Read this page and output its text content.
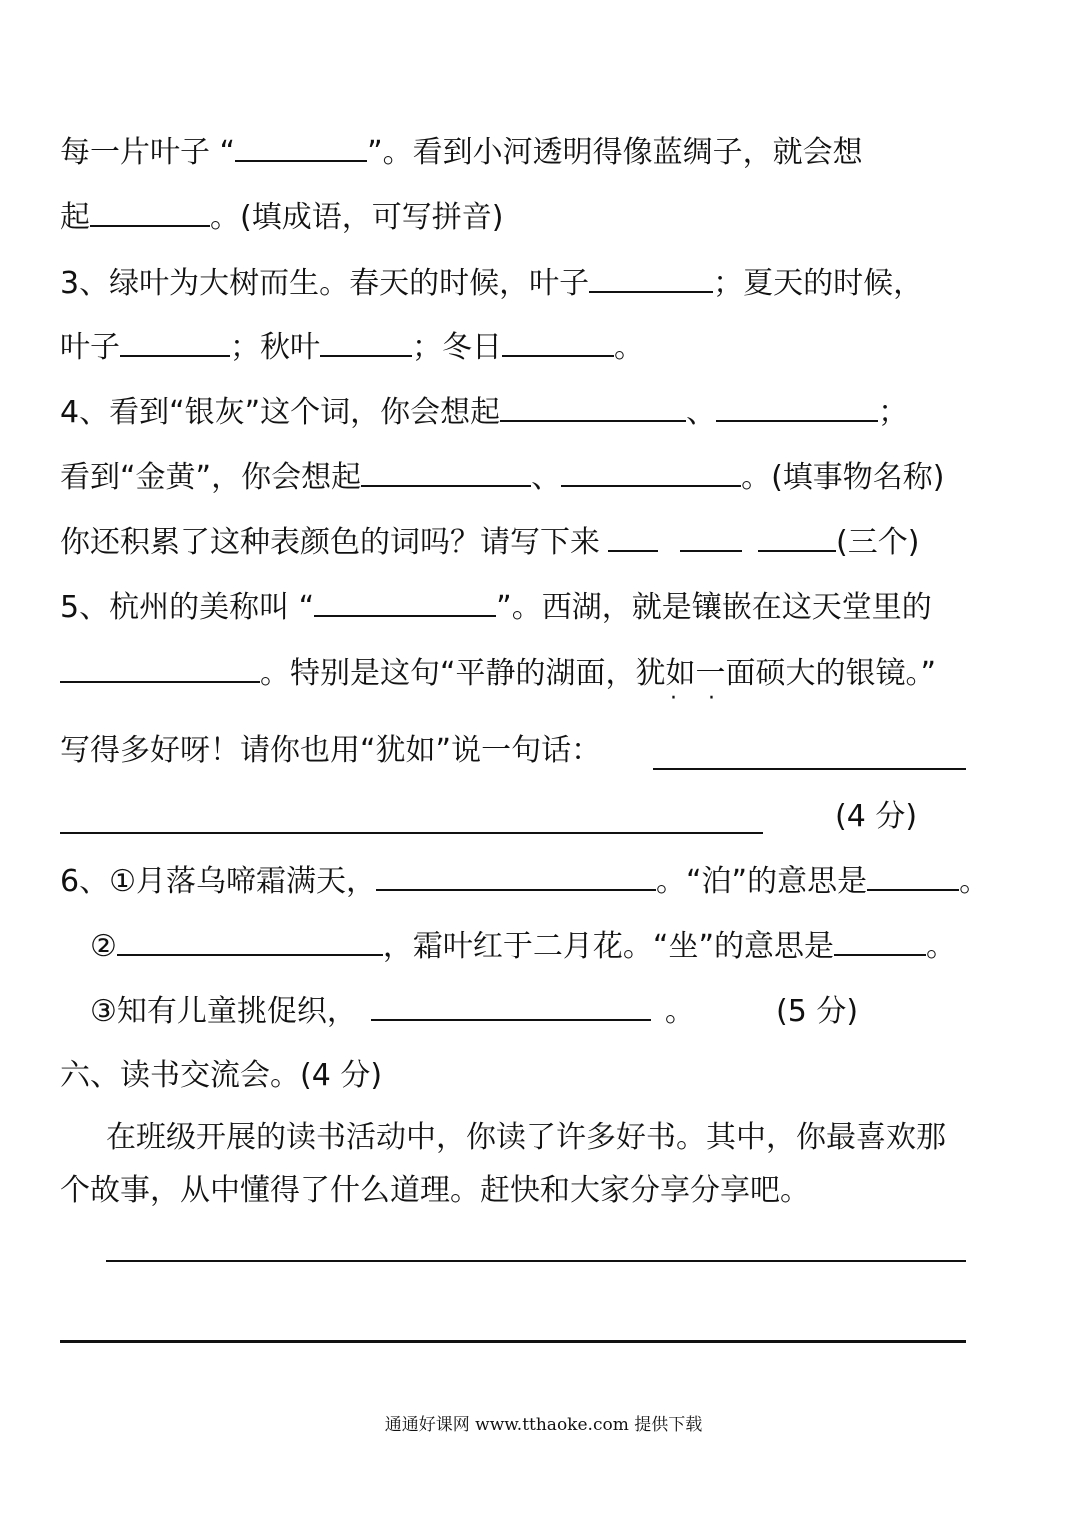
每一片叶子 “	”。看到小河透明得像蓝绸子，就会想
起	。(填成语，可写拼音)
3、绿叶为大树而生。春天的时候，叶子	；夏天的时候，
叶子	；秋叶	；冬日	。
4、看到“银灰”这个词，你会想起	、	；
看到“金黄”，你会想起	、	。(填事物名称)
你还积累了这种表颜色的词吗？请写下来	(三个)
5、杭州的美称叫 “	”。西湖，就是镶嵌在这天堂里的
。特别是这句“平静的湖面，犹如一面硕大的银镜。”
· ·
写得多好呀！请你也用“犹如”说一句话：
(4 分)
6、①月落乌啼霜满天，	。“泊”的意思是	。
②	，霜叶红于二月花。“坐”的意思是	。
③知有儿童挑促织，	。	(5 分)
六、读书交流会。(4 分)
在班级开展的读书活动中，你读了许多好书。其中，你最喜欢那
个故事，从中懂得了什么道理。赶快和大家分享分享吧。
通通好课网 www.tthaoke.com 提供下载
